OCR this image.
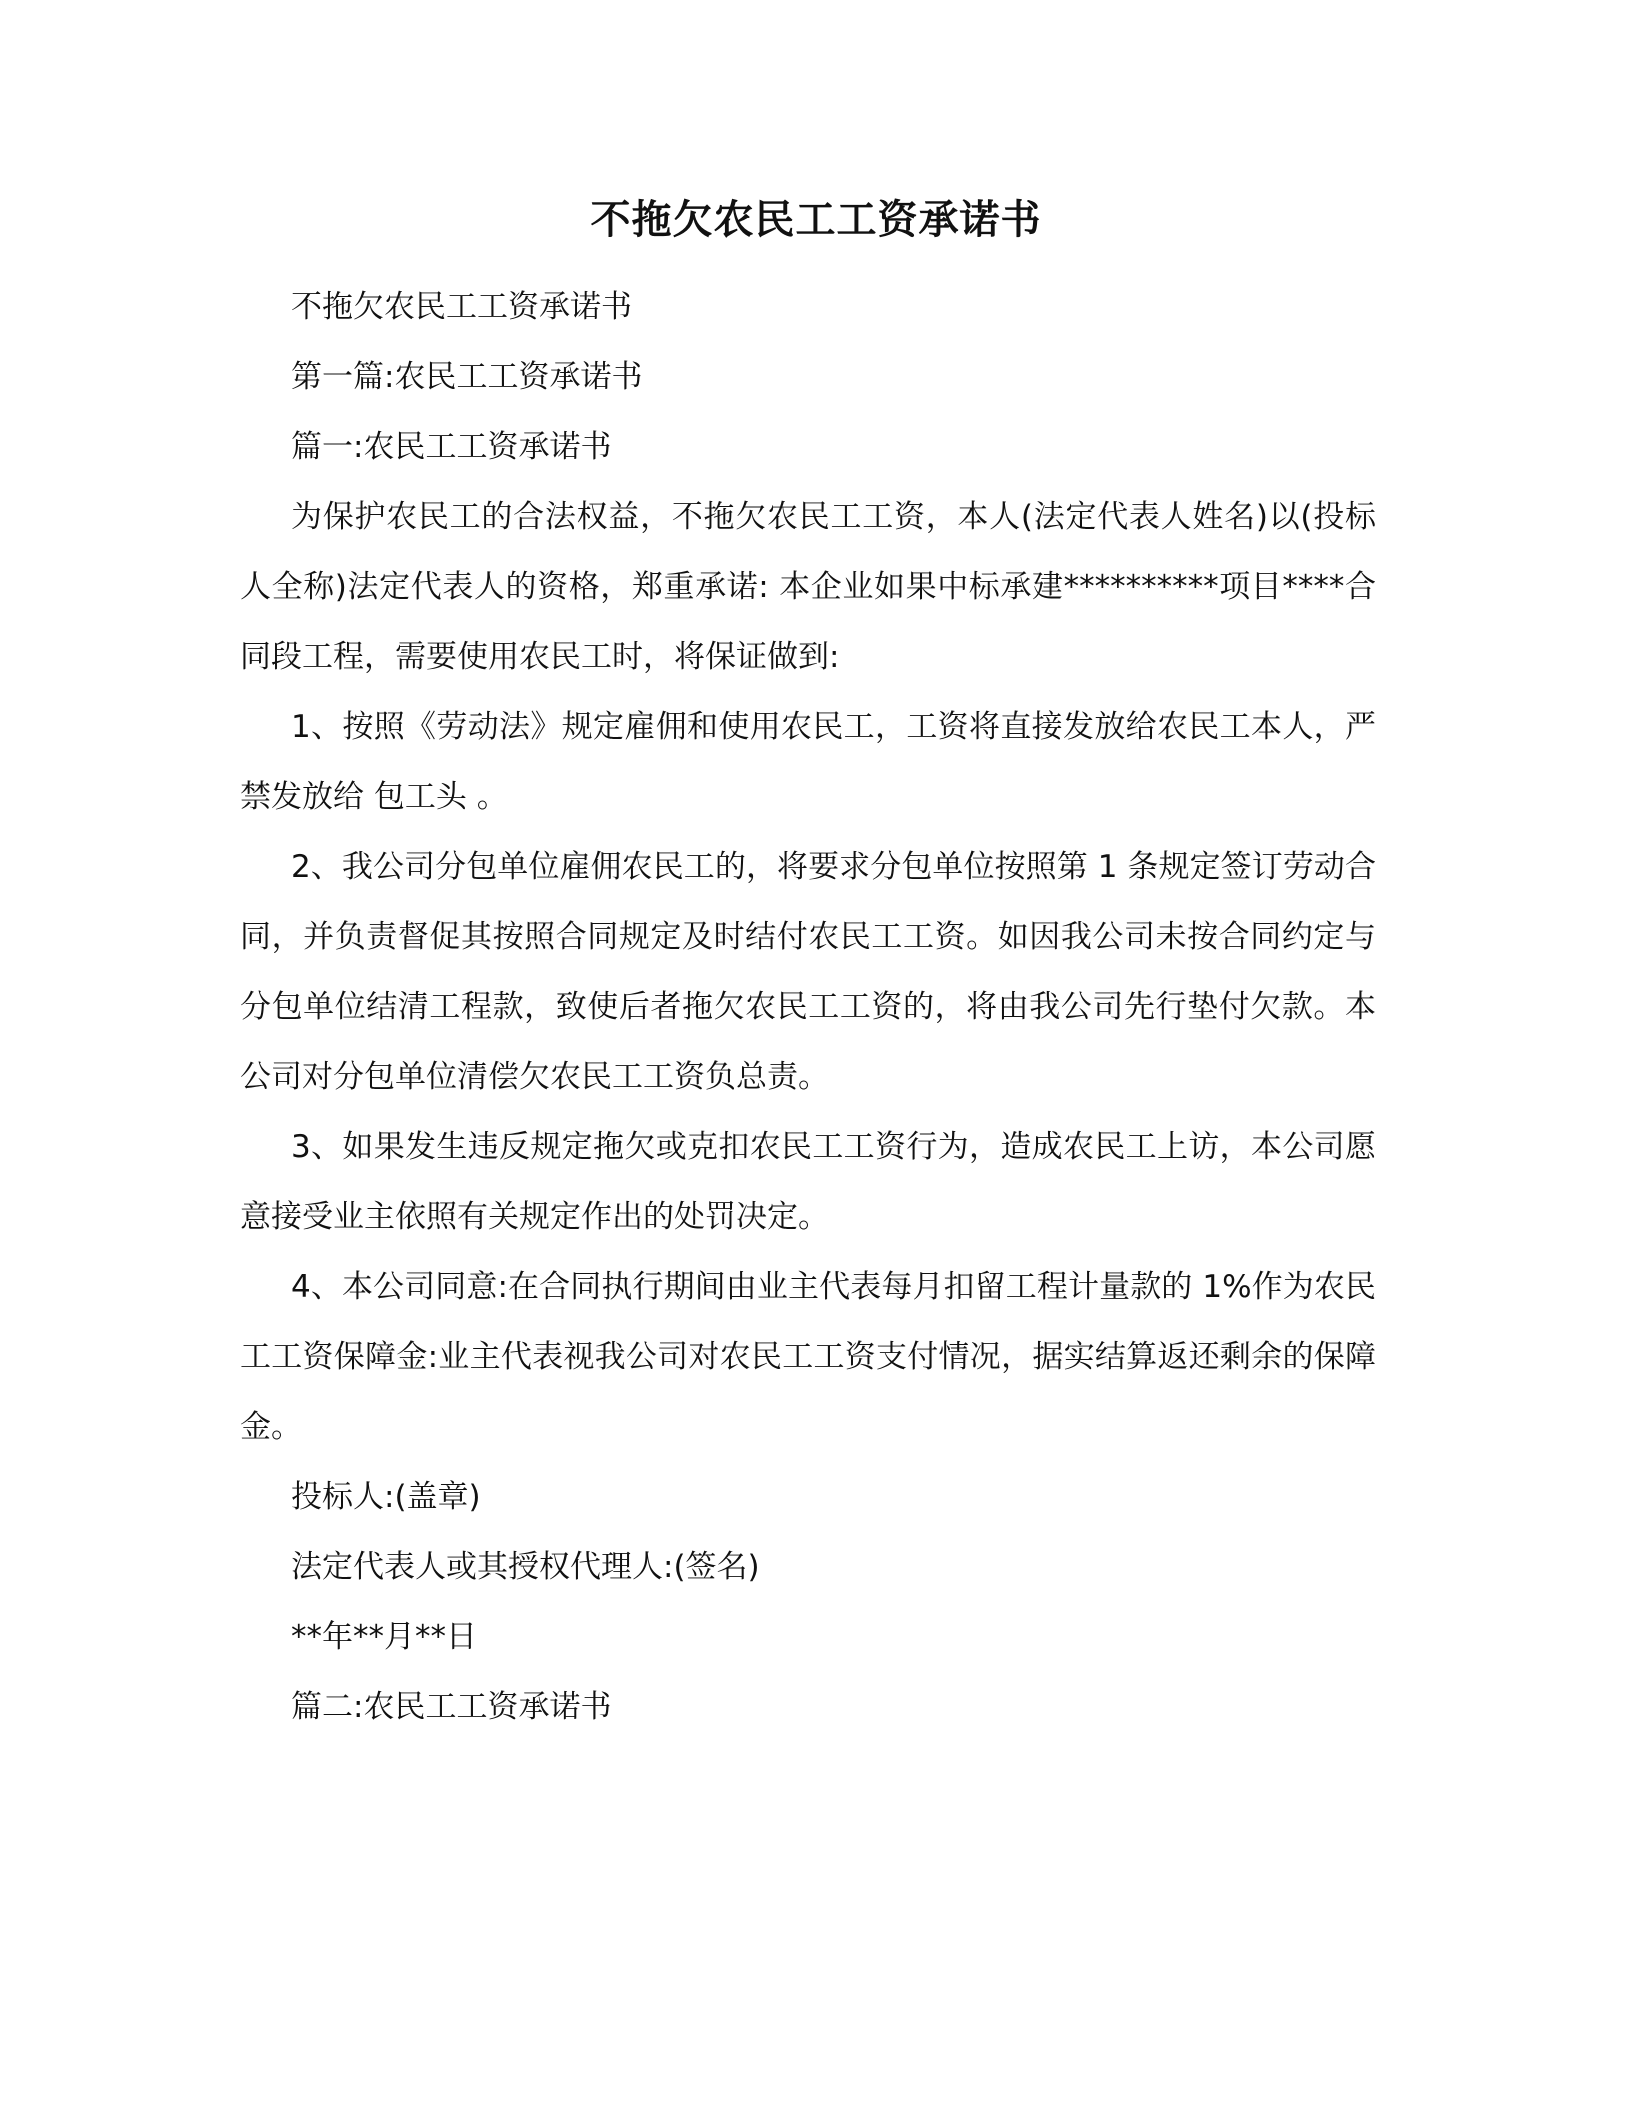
不拖欠农民工工资承诺书

不拖欠农民工工资承诺书

第一篇:农民工工资承诺书

篇一:农民工工资承诺书

为保护农民工的合法权益，不拖欠农民工工资，本人(法定代表人姓名)以(投标人全称)法定代表人的资格，郑重承诺: 本企业如果中标承建**********项目****合同段工程，需要使用农民工时，将保证做到:

1、按照《劳动法》规定雇佣和使用农民工，工资将直接发放给农民工本人，严禁发放给 包工头 。

2、我公司分包单位雇佣农民工的，将要求分包单位按照第 1 条规定签订劳动合同，并负责督促其按照合同规定及时结付农民工工资。如因我公司未按合同约定与分包单位结清工程款，致使后者拖欠农民工工资的，将由我公司先行垫付欠款。本公司对分包单位清偿欠农民工工资负总责。

3、如果发生违反规定拖欠或克扣农民工工资行为，造成农民工上访，本公司愿意接受业主依照有关规定作出的处罚决定。

4、本公司同意:在合同执行期间由业主代表每月扣留工程计量款的 1%作为农民工工资保障金:业主代表视我公司对农民工工资支付情况，据实结算返还剩余的保障金。

投标人:(盖章)

法定代表人或其授权代理人:(签名)

**年**月**日

篇二:农民工工资承诺书
